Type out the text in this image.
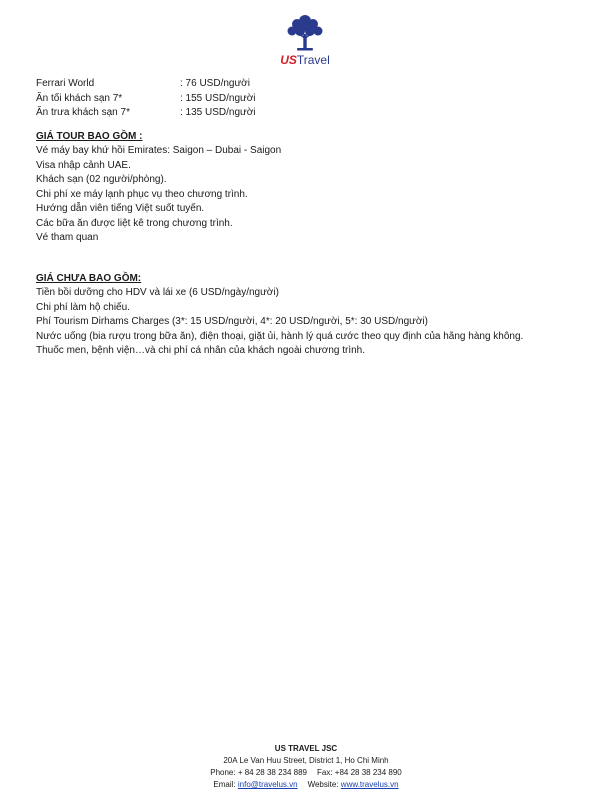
USTravel
Ferrari World	: 76 USD/người
Ăn tối khách sạn 7*	: 155 USD/người
Ăn trưa khách sạn 7*	: 135 USD/người

GIÁ TOUR BAO GỒM :

Vé máy bay khứ hồi Emirates: Saigon – Dubai - Saigon

Visa nhập cảnh UAE.

Khách sạn (02 người/phòng).

Chi phí xe máy lạnh phục vụ theo chương trình.

Hướng dẫn viên tiếng Việt suốt tuyến.

Các bữa ăn được liệt kê trong chương trình.

Vé tham quan

GIÁ CHƯA BAO GỒM:

Tiền bồi dưỡng cho HDV và lái xe (6 USD/ngày/người)

Chi phí làm hộ chiếu.

Phí Tourism Dirhams Charges (3*: 15 USD/người, 4*: 20 USD/người, 5*: 30 USD/người)

Nước uống (bia rượu trong bữa ăn), điện thoại, giặt ủi, hành lý quá cước theo quy định của hãng hàng không.

Thuốc men, bệnh viện…và chi phí cá nhân của khách ngoài chương trình.

US TRAVEL JSC
20A Le Van Huu Street, District 1, Ho Chi Minh
Phone: + 84 28 38 234 889 Fax: +84 28 38 234 890
Email: info@travelus.vn Website: www.travelus.vn
